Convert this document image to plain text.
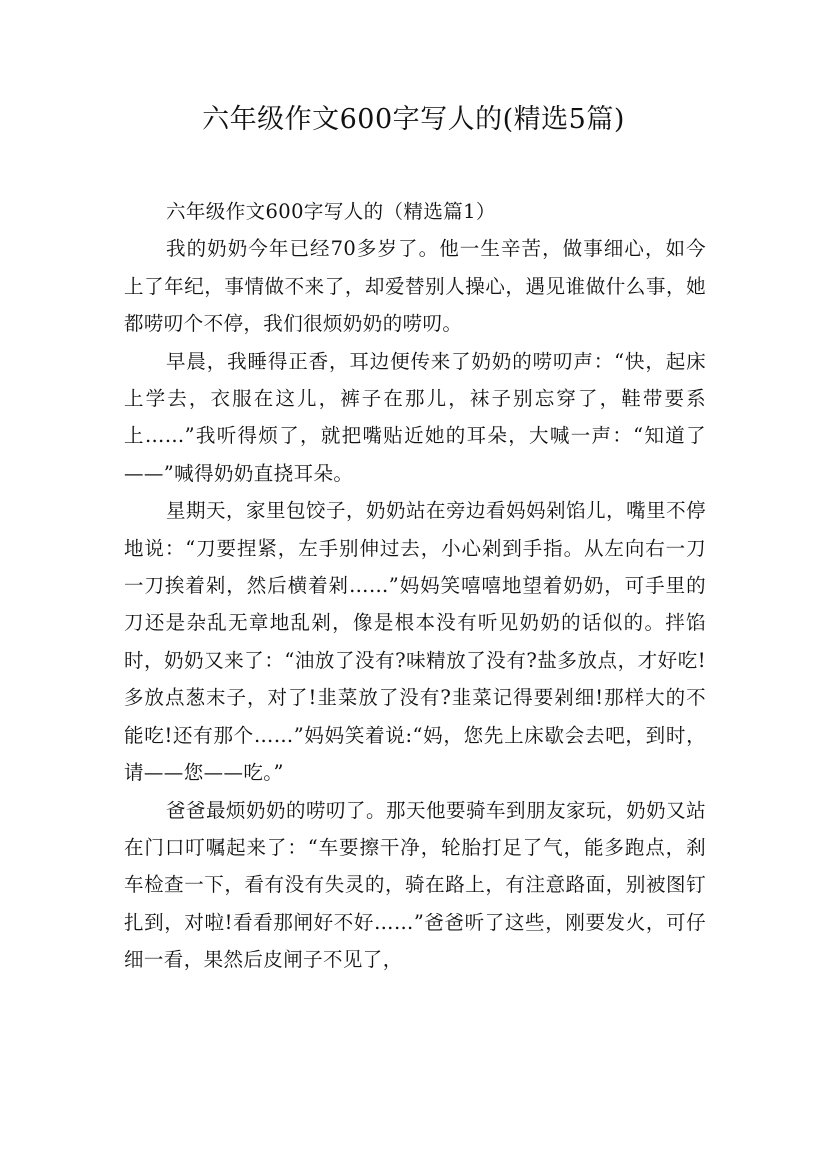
六年级作文600字写人的(精选5篇)

六年级作文600字写人的（精选篇1）

我的奶奶今年已经70多岁了。他一生辛苦，做事细心，如今上了年纪，事情做不来了，却爱替别人操心，遇见谁做什么事，她都唠叨个不停，我们很烦奶奶的唠叨。

早晨，我睡得正香，耳边便传来了奶奶的唠叨声：“快，起床上学去，衣服在这儿，裤子在那儿，袜子别忘穿了，鞋带要系上……”我听得烦了，就把嘴贴近她的耳朵，大喊一声：“知道了——”喊得奶奶直挠耳朵。

星期天，家里包饺子，奶奶站在旁边看妈妈剁馅儿，嘴里不停地说：“刀要捏紧，左手别伸过去，小心剁到手指。从左向右一刀一刀挨着剁，然后横着剁……”妈妈笑嘻嘻地望着奶奶，可手里的刀还是杂乱无章地乱剁，像是根本没有听见奶奶的话似的。拌馅时，奶奶又来了：“油放了没有?味精放了没有?盐多放点，才好吃!多放点葱末子，对了!韭菜放了没有?韭菜记得要剁细!那样大的不能吃!还有那个……”妈妈笑着说:“妈，您先上床歇会去吧，到时，请——您——吃。”

爸爸最烦奶奶的唠叨了。那天他要骑车到朋友家玩，奶奶又站在门口叮嘱起来了：“车要擦干净，轮胎打足了气，能多跑点，刹车检查一下，看有没有失灵的，骑在路上，有注意路面，别被图钉扎到，对啦!看看那闸好不好……”爸爸听了这些，刚要发火，可仔细一看，果然后皮闸子不见了，
